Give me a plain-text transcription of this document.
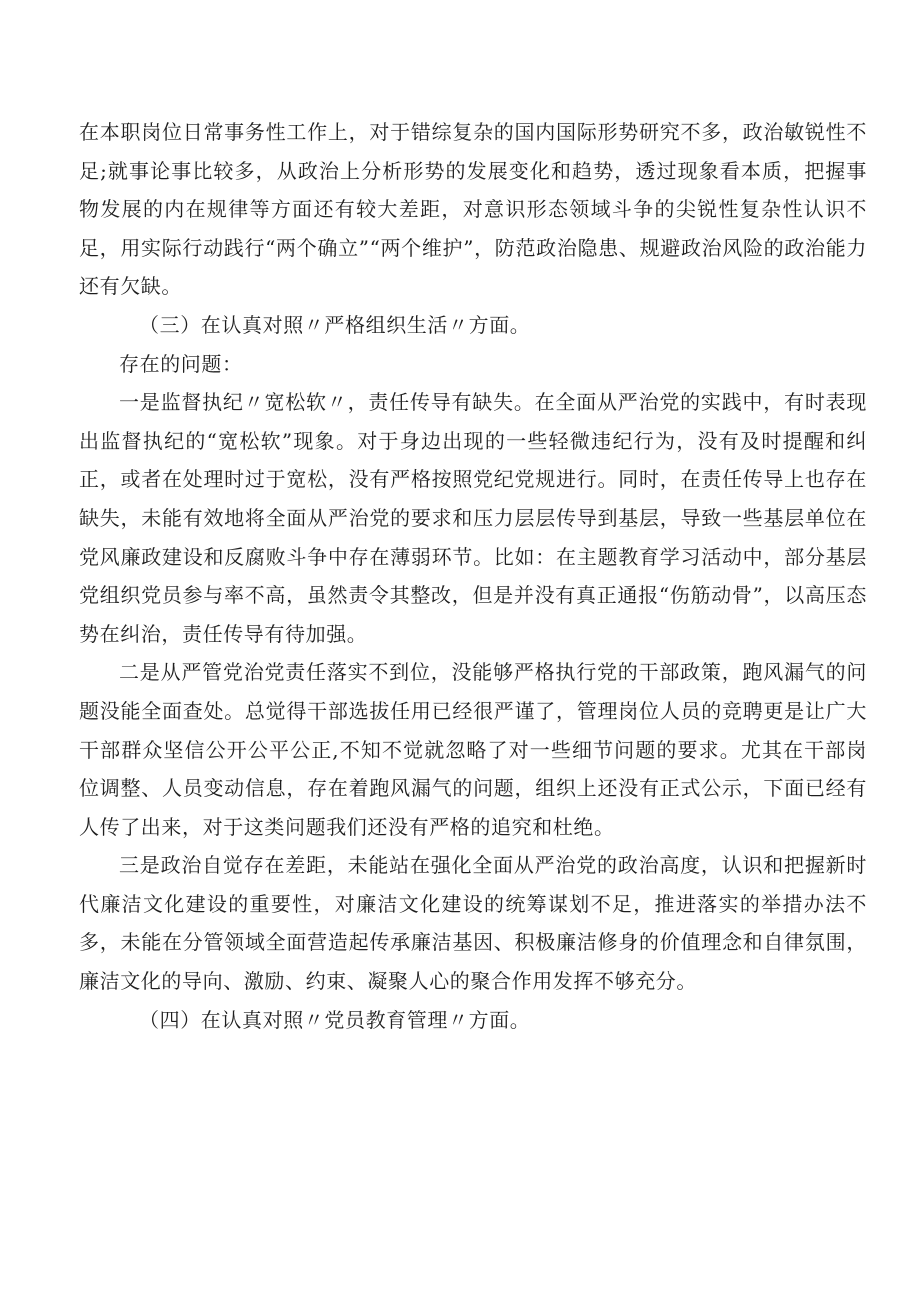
在本职岗位日常事务性工作上，对于错综复杂的国内国际形势研究不多，政治敏锐性不足;就事论事比较多，从政治上分析形势的发展变化和趋势，透过现象看本质，把握事物发展的内在规律等方面还有较大差距，对意识形态领域斗争的尖锐性复杂性认识不足，用实际行动践行“两个确立”“两个维护”，防范政治隐患、规避政治风险的政治能力还有欠缺。

（三）在认真对照〃严格组织生活〃方面。

存在的问题：

一是监督执纪〃宽松软〃，责任传导有缺失。在全面从严治党的实践中，有时表现出监督执纪的“宽松软”现象。对于身边出现的一些轻微违纪行为，没有及时提醒和纠正，或者在处理时过于宽松，没有严格按照党纪党规进行。同时，在责任传导上也存在缺失，未能有效地将全面从严治党的要求和压力层层传导到基层，导致一些基层单位在党风廉政建设和反腐败斗争中存在薄弱环节。比如：在主题教育学习活动中，部分基层党组织党员参与率不高，虽然责令其整改，但是并没有真正通报“伤筋动骨”，以高压态势在纠治，责任传导有待加强。

二是从严管党治党责任落实不到位，没能够严格执行党的干部政策，跑风漏气的问题没能全面查处。总觉得干部选拔任用已经很严谨了，管理岗位人员的竞聘更是让广大干部群众坚信公开公平公正,不知不觉就忽略了对一些细节问题的要求。尤其在干部岗位调整、人员变动信息，存在着跑风漏气的问题，组织上还没有正式公示，下面已经有人传了出来，对于这类问题我们还没有严格的追究和杜绝。

三是政治自觉存在差距，未能站在强化全面从严治党的政治高度，认识和把握新时代廉洁文化建设的重要性，对廉洁文化建设的统筹谋划不足，推进落实的举措办法不多，未能在分管领域全面营造起传承廉洁基因、积极廉洁修身的价值理念和自律氛围，廉洁文化的导向、激励、约束、凝聚人心的聚合作用发挥不够充分。

（四）在认真对照〃党员教育管理〃方面。
